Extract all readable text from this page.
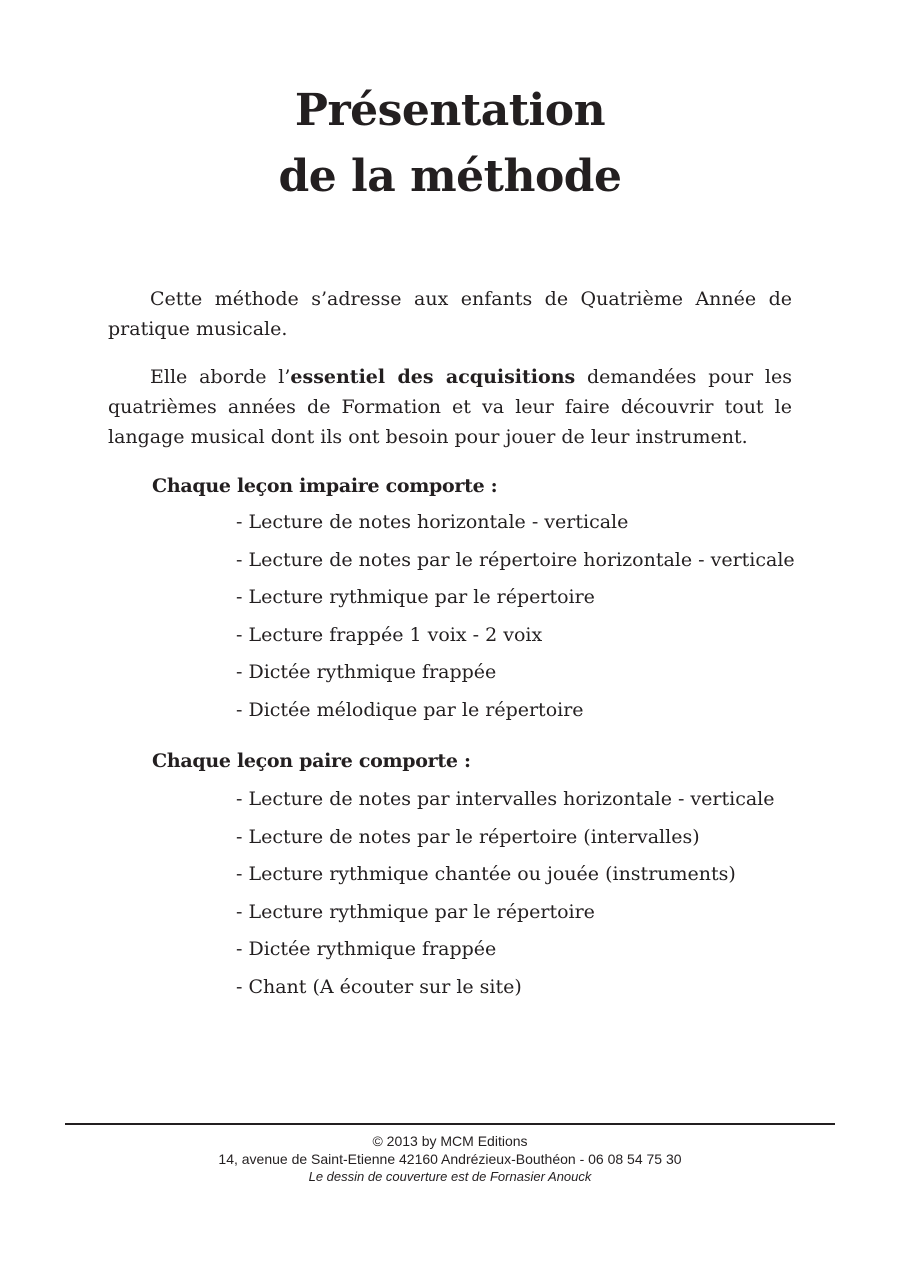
Présentation
de la méthode
Cette méthode s’adresse aux enfants de Quatrième Année de pratique musicale.
Elle aborde l’essentiel des acquisitions demandées pour les quatrièmes années de Formation et va leur faire découvrir tout le langage musical dont ils ont besoin pour jouer de leur instrument.
Chaque leçon impaire comporte :
- Lecture de notes horizontale - verticale
- Lecture de notes par le répertoire horizontale - verticale
- Lecture rythmique par le répertoire
- Lecture frappée 1 voix - 2 voix
- Dictée rythmique frappée
- Dictée mélodique par le répertoire
Chaque leçon paire comporte :
- Lecture de notes par intervalles horizontale - verticale
- Lecture de notes par le répertoire (intervalles)
- Lecture rythmique chantée ou jouée (instruments)
- Lecture rythmique par le répertoire
- Dictée rythmique frappée
- Chant (A écouter sur le site)
© 2013 by MCM Editions
14, avenue de Saint-Etienne 42160 Andrézieux-Bouthéon - 06 08 54 75 30
Le dessin de couverture est de Fornasier Anouck
